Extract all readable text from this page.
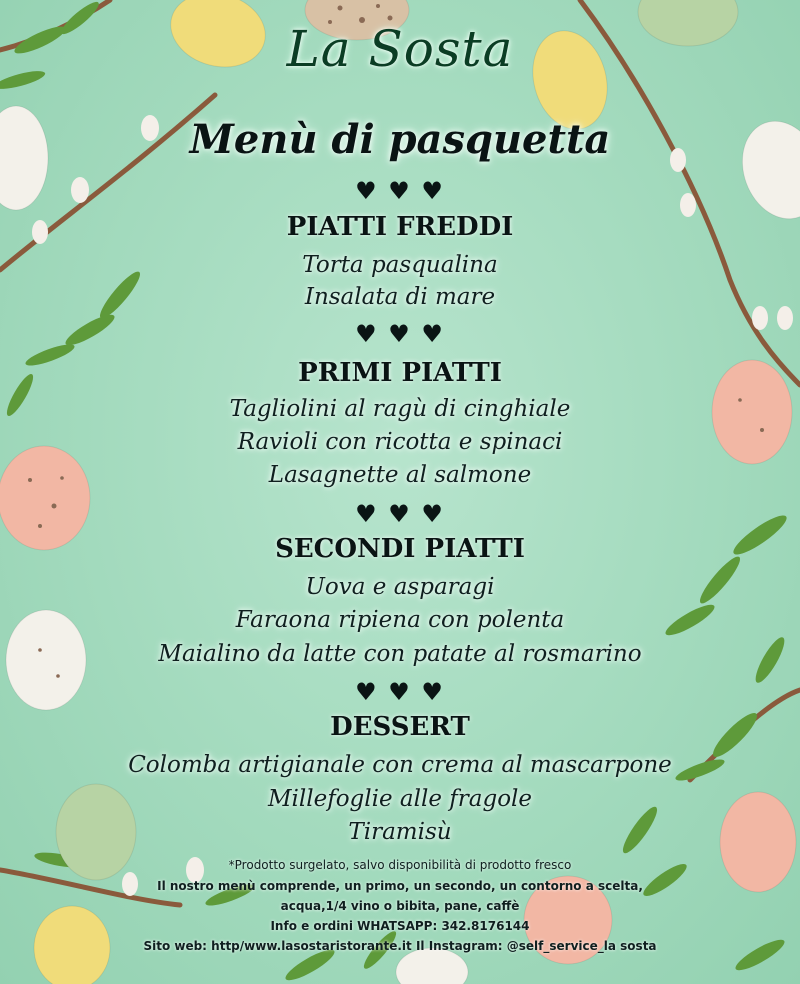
La Sosta
Menù di pasquetta
♥ ♥ ♥
PIATTI FREDDI
Torta pasqualina
Insalata di mare
♥ ♥ ♥
PRIMI PIATTI
Tagliolini al ragù di cinghiale
Ravioli con ricotta e spinaci
Lasagnette al salmone
♥ ♥ ♥
SECONDI PIATTI
Uova e asparagi
Faraona ripiena con polenta
Maialino da latte con patate al rosmarino
♥ ♥ ♥
DESSERT
Colomba artigianale con crema al mascarpone
Millefoglie alle fragole
Tiramisù
*Prodotto surgelato, salvo disponibilità di prodotto fresco
Il nostro menù comprende, un primo, un secondo, un contorno a scelta,
acqua,1/4 vino o bibita, pane, caffè
Info e ordini WHATSAPP: 342.8176144
Sito web: http/www.lasostaristorante.it Il Instagram: @self_service_la sosta
